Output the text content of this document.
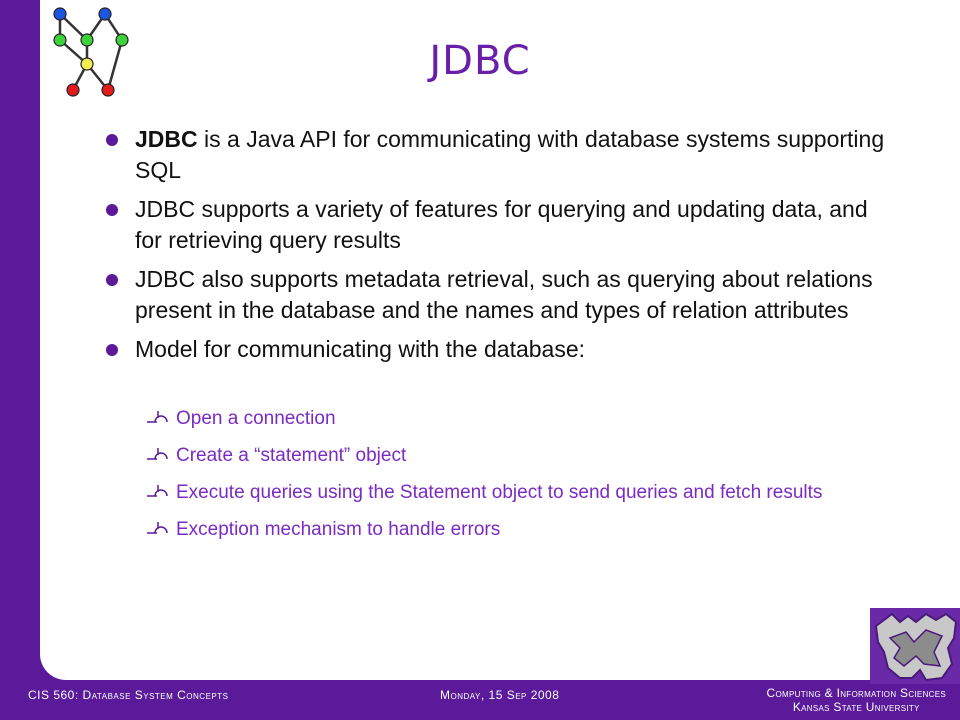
JDBC
JDBC is a Java API for communicating with database systems supporting SQL
JDBC supports a variety of features for querying and updating data, and for retrieving query results
JDBC also supports metadata retrieval, such as querying about relations present in the database and the names and types of relation attributes
Model for communicating with the database:
Open a connection
Create a “statement” object
Execute queries using the Statement object to send queries and fetch results
Exception mechanism to handle errors
CIS 560: Database System Concepts	Monday, 15 Sep 2008	Computing & Information Sciences
Kansas State University
